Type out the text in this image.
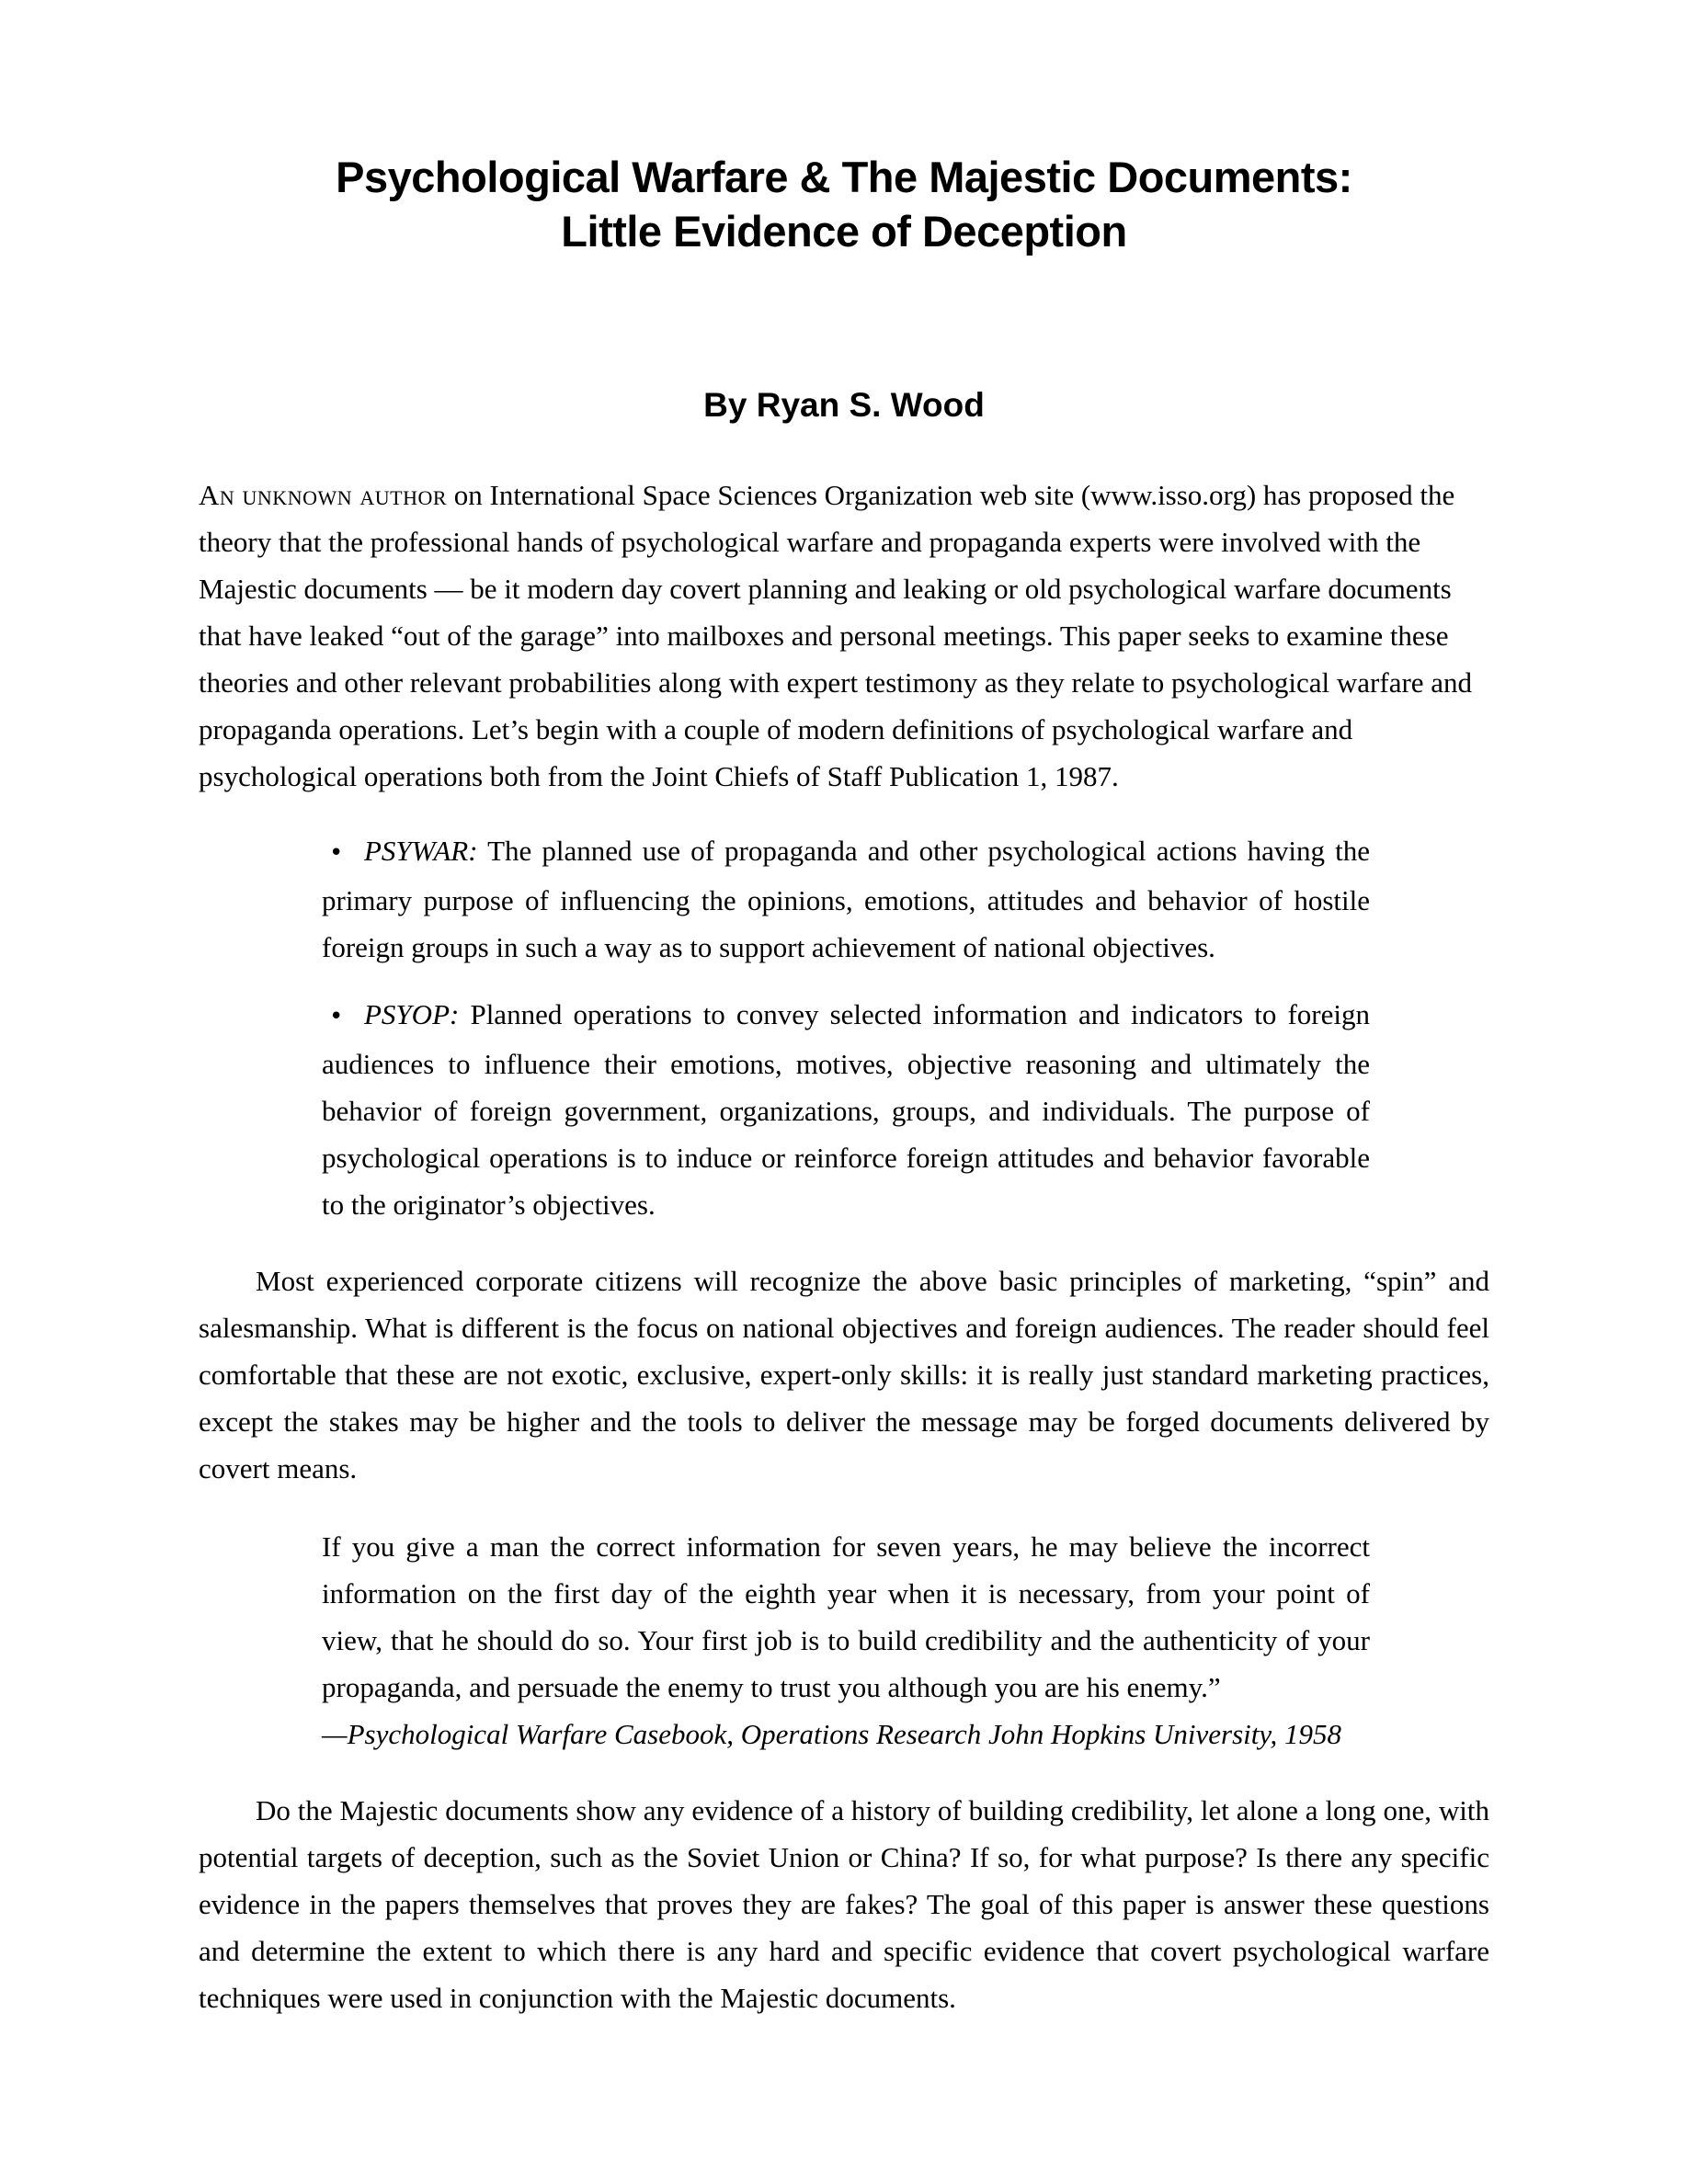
Psychological Warfare & The Majestic Documents:
Little Evidence of Deception
By Ryan S. Wood

An unknown author on International Space Sciences Organization web site (www.isso.org) has proposed the theory that the professional hands of psychological warfare and propaganda experts were involved with the Majestic documents — be it modern day covert planning and leaking or old psychological warfare documents that have leaked “out of the garage” into mailboxes and personal meetings. This paper seeks to examine these theories and other relevant probabilities along with expert testimony as they relate to psychological warfare and propaganda operations. Let’s begin with a couple of modern definitions of psychological warfare and psychological operations both from the Joint Chiefs of Staff Publication 1, 1987.

• PSYWAR: The planned use of propaganda and other psychological actions having the primary purpose of influencing the opinions, emotions, attitudes and behavior of hostile foreign groups in such a way as to support achievement of national objectives.
• PSYOP: Planned operations to convey selected information and indicators to foreign audiences to influence their emotions, motives, objective reasoning and ultimately the behavior of foreign government, organizations, groups, and individuals. The purpose of psychological operations is to induce or reinforce foreign attitudes and behavior favorable to the originator’s objectives.

Most experienced corporate citizens will recognize the above basic principles of marketing, “spin” and salesmanship. What is different is the focus on national objectives and foreign audiences. The reader should feel comfortable that these are not exotic, exclusive, expert-only skills: it is really just standard marketing practices, except the stakes may be higher and the tools to deliver the message may be forged documents delivered by covert means.

If you give a man the correct information for seven years, he may believe the incorrect information on the first day of the eighth year when it is necessary, from your point of view, that he should do so. Your first job is to build credibility and the authenticity of your propaganda, and persuade the enemy to trust you although you are his enemy.”
—Psychological Warfare Casebook, Operations Research John Hopkins University, 1958

Do the Majestic documents show any evidence of a history of building credibility, let alone a long one, with potential targets of deception, such as the Soviet Union or China? If so, for what purpose? Is there any specific evidence in the papers themselves that proves they are fakes? The goal of this paper is answer these questions and determine the extent to which there is any hard and specific evidence that covert psychological warfare techniques were used in conjunction with the Majestic documents.
